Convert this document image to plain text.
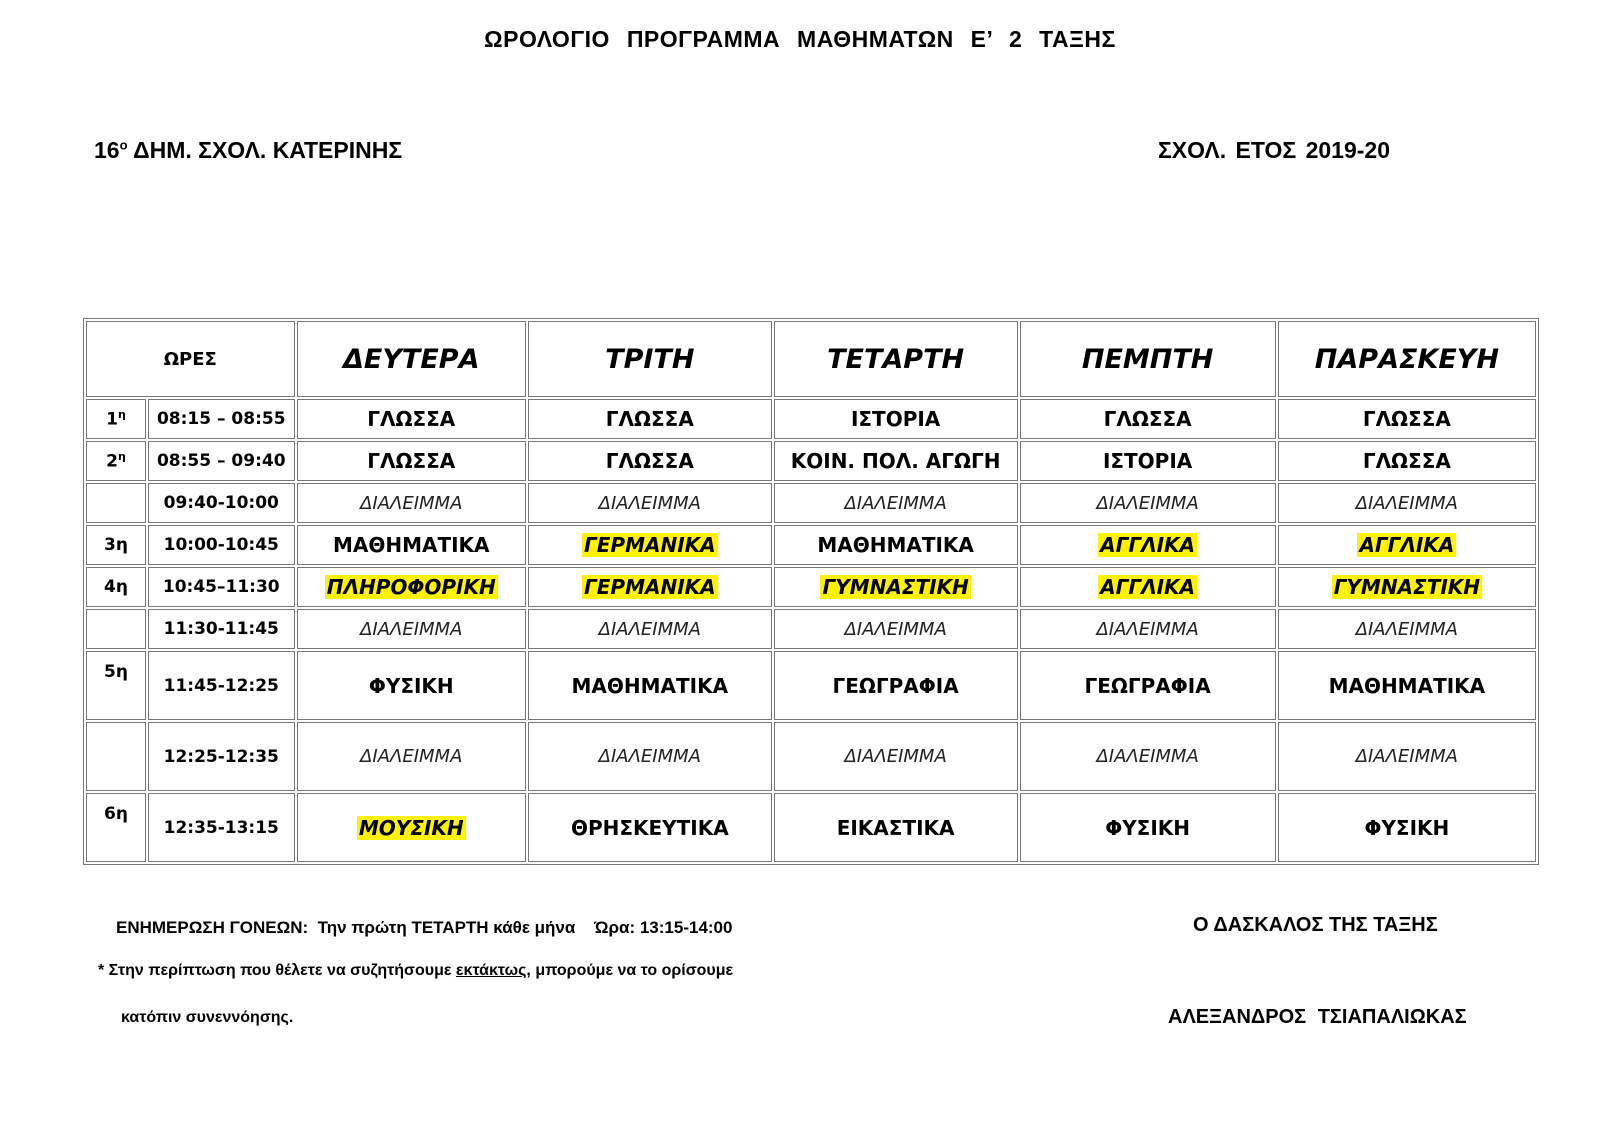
ΩΡΟΛΟΓΙΟ ΠΡΟΓΡΑΜΜΑ ΜΑΘΗΜΑΤΩΝ Ε’ 2 ΤΑΞΗΣ
$16^o$ ΔΗΜ. ΣΧΟΛ. ΚΑΤΕΡΙΝΗΣ	ΣΧΟΛ. ΕΤΟΣ 2019-20
ΩΡΕΣ		ΔΕΥΤΕΡΑ	ΤΡΙΤΗ	ΤΕΤΑΡΤΗ	ΠΕΜΠΤΗ	ΠΑΡΑΣΚΕΥΗ
$1^\eta$	08:15 – 08:55	ΓΛΩΣΣΑ	ΓΛΩΣΣΑ	ΙΣΤΟΡΙΑ	ΓΛΩΣΣΑ	ΓΛΩΣΣΑ
$2^\eta$	08:55 – 09:40	ΓΛΩΣΣΑ	ΓΛΩΣΣΑ	ΚΟΙΝ. ΠΟΛ. ΑΓΩΓΗ	ΙΣΤΟΡΙΑ	ΓΛΩΣΣΑ
	09:40-10:00	ΔΙΑΛΕΙΜΜΑ	ΔΙΑΛΕΙΜΜΑ	ΔΙΑΛΕΙΜΜΑ	ΔΙΑΛΕΙΜΜΑ	ΔΙΑΛΕΙΜΜΑ
3η	10:00-10:45	ΜΑΘΗΜΑΤΙΚΑ	ΓΕΡΜΑΝΙΚΑ	ΜΑΘΗΜΑΤΙΚΑ	ΑΓΓΛΙΚΑ	ΑΓΓΛΙΚΑ
4η	10:45–11:30	ΠΛΗΡΟΦΟΡΙΚΗ	ΓΕΡΜΑΝΙΚΑ	ΓΥΜΝΑΣΤΙΚΗ	ΑΓΓΛΙΚΑ	ΓΥΜΝΑΣΤΙΚΗ
	11:30-11:45	ΔΙΑΛΕΙΜΜΑ	ΔΙΑΛΕΙΜΜΑ	ΔΙΑΛΕΙΜΜΑ	ΔΙΑΛΕΙΜΜΑ	ΔΙΑΛΕΙΜΜΑ
5η	11:45-12:25	ΦΥΣΙΚΗ	ΜΑΘΗΜΑΤΙΚΑ	ΓΕΩΓΡΑΦΙΑ	ΓΕΩΓΡΑΦΙΑ	ΜΑΘΗΜΑΤΙΚΑ
	12:25-12:35	ΔΙΑΛΕΙΜΜΑ	ΔΙΑΛΕΙΜΜΑ	ΔΙΑΛΕΙΜΜΑ	ΔΙΑΛΕΙΜΜΑ	ΔΙΑΛΕΙΜΜΑ
6η	12:35-13:15	ΜΟΥΣΙΚΗ	ΘΡΗΣΚΕΥΤΙΚΑ	ΕΙΚΑΣΤΙΚΑ	ΦΥΣΙΚΗ	ΦΥΣΙΚΗ
ΕΝΗΜΕΡΩΣΗ ΓΟΝΕΩΝ: Την πρώτη ΤΕΤΑΡΤΗ κάθε μήνα Ώρα: 13:15-14:00	Ο ΔΑΣΚΑΛΟΣ ΤΗΣ ΤΑΞΗΣ
* Στην περίπτωση που θέλετε να συζητήσουμε εκτάκτως, μπορούμε να το ορίσουμε
κατόπιν συνεννόησης.	ΑΛΕΞΑΝΔΡΟΣ ΤΣΙΑΠΑΛΙΩΚΑΣ
